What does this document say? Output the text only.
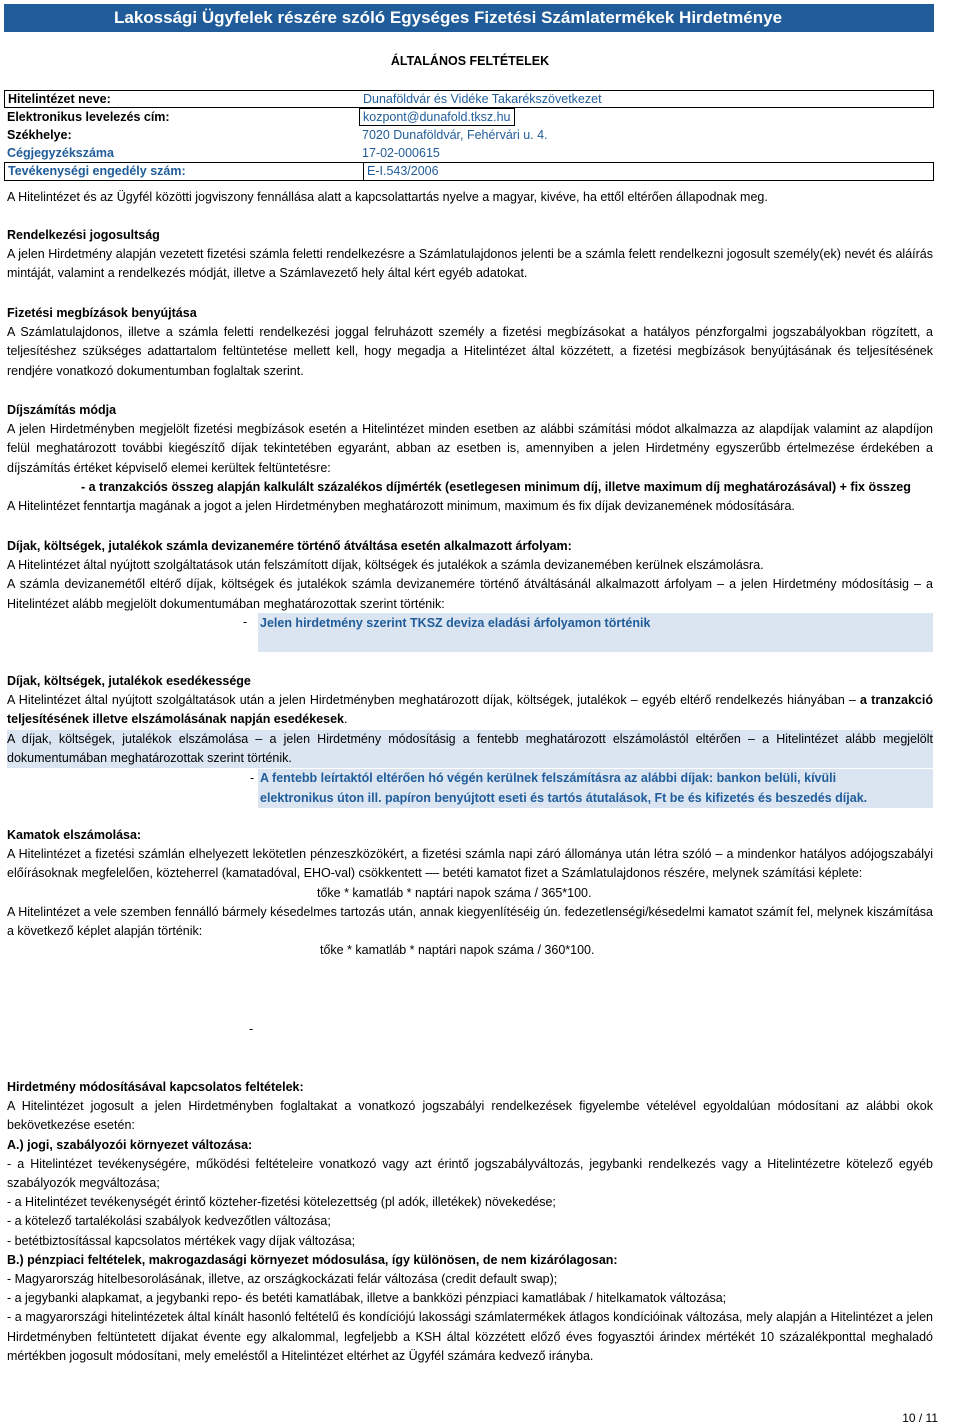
Lakossági Ügyfelek részére szóló Egységes Fizetési Számlatermékek Hirdetménye
ÁLTALÁNOS FELTÉTELEK
Hitelintézet neve:	Dunaföldvár és Vidéke Takarékszövetkezet
Elektronikus levelezés cím:	kozpont@dunafold.tksz.hu
Székhelye:	7020 Dunaföldvár, Fehérvári u. 4.
Cégjegyzékszáma	17-02-000615
Tevékenységi engedély szám:	E-I.543/2006
A Hitelintézet és az Ügyfél közötti jogviszony fennállása alatt a kapcsolattartás nyelve a magyar, kivéve, ha ettől eltérően állapodnak meg.
Rendelkezési jogosultság
A jelen Hirdetmény alapján vezetett fizetési számla feletti rendelkezésre a Számlatulajdonos jelenti be a számla felett rendelkezni jogosult személy(ek) nevét és aláírás mintáját, valamint a rendelkezés módját, illetve a Számlavezető hely által kért egyéb adatokat.
Fizetési megbízások benyújtása
A Számlatulajdonos, illetve a számla feletti rendelkezési joggal felruházott személy a fizetési megbízásokat a hatályos pénzforgalmi jogszabályokban rögzített, a teljesítéshez szükséges adattartalom feltüntetése mellett kell, hogy megadja a Hitelintézet által közzétett, a fizetési megbízások benyújtásának és teljesítésének rendjére vonatkozó dokumentumban foglaltak szerint.
Díjszámítás módja
A jelen Hirdetményben megjelölt fizetési megbízások esetén a Hitelintézet minden esetben az alábbi számítási módot alkalmazza az alapdíjak valamint az alapdíjon felül meghatározott további kiegészítő díjak tekintetében egyaránt, abban az esetben is, amennyiben a jelen Hirdetmény egyszerűbb értelmezése érdekében a díjszámítás értéket képviselő elemei kerültek feltüntetésre:
- a tranzakciós összeg alapján kalkulált százalékos díjmérték (esetlegesen minimum díj, illetve maximum díj meghatározásával) + fix összeg
A Hitelintézet fenntartja magának a jogot a jelen Hirdetményben meghatározott minimum, maximum és fix díjak devizanemének módosítására.
Díjak, költségek, jutalékok számla devizanemére történő átváltása esetén alkalmazott árfolyam:
A Hitelintézet által nyújtott szolgáltatások után felszámított díjak, költségek és jutalékok a számla devizanemében kerülnek elszámolásra.
A számla devizanemétől eltérő díjak, költségek és jutalékok számla devizanemére történő átváltásánál alkalmazott árfolyam – a jelen Hirdetmény módosításig – a Hitelintézet alább megjelölt dokumentumában meghatározottak szerint történik:
-	Jelen hirdetmény szerint TKSZ deviza eladási árfolyamon történik
Díjak, költségek, jutalékok esedékessége
A Hitelintézet által nyújtott szolgáltatások után a jelen Hirdetményben meghatározott díjak, költségek, jutalékok – egyéb eltérő rendelkezés hiányában – a tranzakció teljesítésének illetve elszámolásának napján esedékesek.
A díjak, költségek, jutalékok elszámolása – a jelen Hirdetmény módosításig a fentebb meghatározott elszámolástól eltérően – a Hitelintézet alább megjelölt dokumentumában meghatározottak szerint történik.
- A fentebb leírtaktól eltérően hó végén kerülnek felszámításra az alábbi díjak: bankon belüli, kívüli
elektronikus úton ill. papíron benyújtott eseti és tartós átutalások, Ft be és kifizetés és beszedés díjak.
Kamatok elszámolása:
A Hitelintézet a fizetési számlán elhelyezett lekötetlen pénzeszközökért, a fizetési számla napi záró állománya után létra szóló – a mindenkor hatályos adójogszabályi előírásoknak megfelelően, közteherrel (kamatadóval, EHO-val) csökkentett –– betéti kamatot fizet a Számlatulajdonos részére, melynek számítási képlete:
tőke * kamatláb * naptári napok száma / 365*100.
A Hitelintézet a vele szemben fennálló bármely késedelmes tartozás után, annak kiegyenlítéséig ún. fedezetlenségi/késedelmi kamatot számít fel, melynek kiszámítása a következő képlet alapján történik:
tőke * kamatláb * naptári napok száma / 360*100.
-
Hirdetmény módosításával kapcsolatos feltételek:
A Hitelintézet jogosult a jelen Hirdetményben foglaltakat a vonatkozó jogszabályi rendelkezések figyelembe vételével egyoldalúan módosítani az alábbi okok bekövetkezése esetén:
A.) jogi, szabályozói környezet változása:
- a Hitelintézet tevékenységére, működési feltételeire vonatkozó vagy azt érintő jogszabályváltozás, jegybanki rendelkezés vagy a Hitelintézetre kötelező egyéb szabályozók megváltozása;
- a Hitelintézet tevékenységét érintő közteher-fizetési kötelezettség (pl adók, illetékek) növekedése;
- a kötelező tartalékolási szabályok kedvezőtlen változása;
- betétbiztosítással kapcsolatos mértékek vagy díjak változása;
B.) pénzpiaci feltételek, makrogazdasági környezet módosulása, így különösen, de nem kizárólagosan:
- Magyarország hitelbesorolásának, illetve, az országkockázati felár változása (credit default swap);
- a jegybanki alapkamat, a jegybanki repo- és betéti kamatlábak, illetve a bankközi pénzpiaci kamatlábak / hitelkamatok változása;
- a magyarországi hitelintézetek által kínált hasonló feltételű és kondíciójú lakossági számlatermékek átlagos kondícióinak változása, mely alapján a Hitelintézet a jelen Hirdetményben feltüntetett díjakat évente egy alkalommal, legfeljebb a KSH által közzétett előző éves fogyasztói árindex mértékét 10 százalékponttal meghaladó mértékben jogosult módosítani, mely emeléstől a Hitelintézet eltérhet az Ügyfél számára kedvező irányba.
10 / 11
